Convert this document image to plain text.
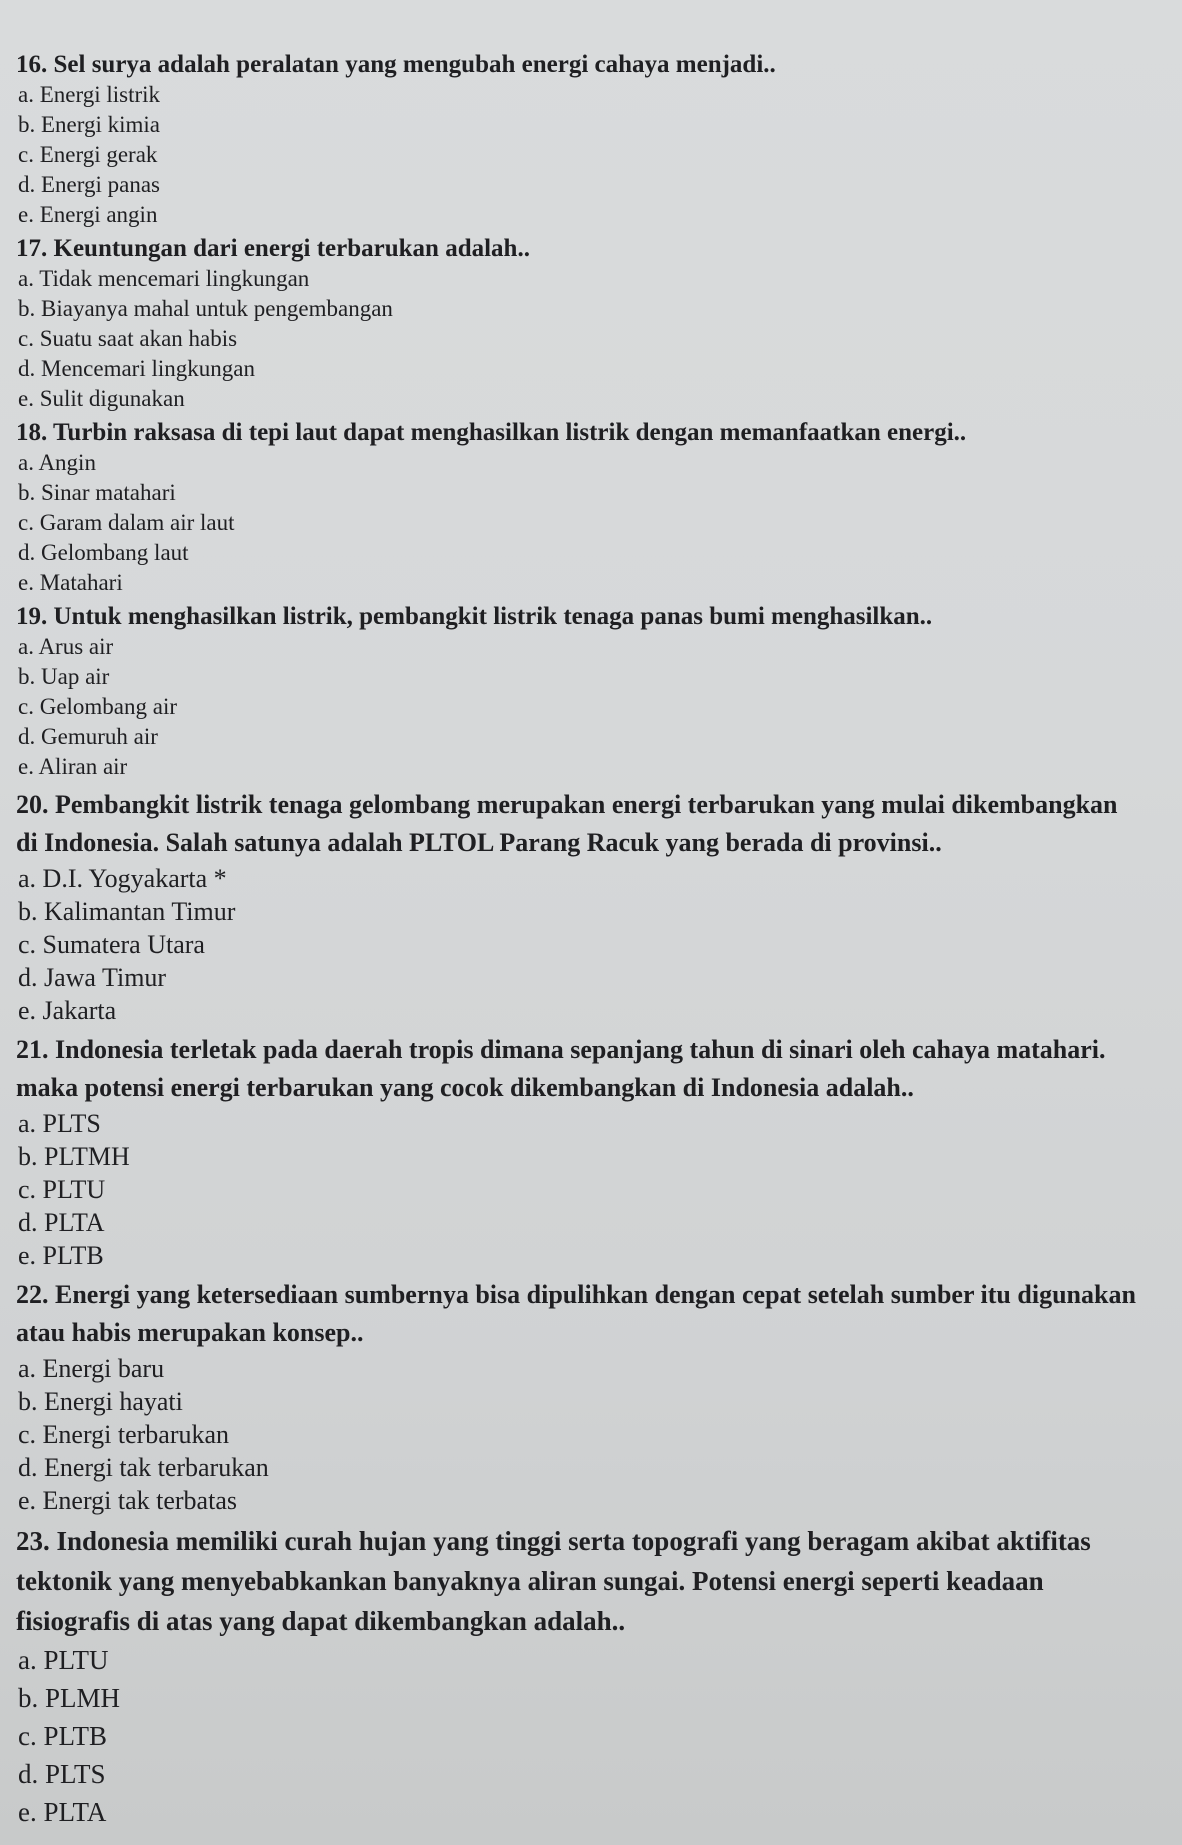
16. Sel surya adalah peralatan yang mengubah energi cahaya menjadi..

a. Energi listrik
b. Energi kimia
c. Energi gerak
d. Energi panas
e. Energi angin

17. Keuntungan dari energi terbarukan adalah..

a. Tidak mencemari lingkungan
b. Biayanya mahal untuk pengembangan
c. Suatu saat akan habis
d. Mencemari lingkungan
e. Sulit digunakan

18. Turbin raksasa di tepi laut dapat menghasilkan listrik dengan memanfaatkan energi..

a. Angin
b. Sinar matahari
c. Garam dalam air laut
d. Gelombang laut
e. Matahari

19. Untuk menghasilkan listrik, pembangkit listrik tenaga panas bumi menghasilkan..

a. Arus air
b. Uap air
c. Gelombang air
d. Gemuruh air
e. Aliran air

20. Pembangkit listrik tenaga gelombang merupakan energi terbarukan yang mulai dikembangkan di Indonesia. Salah satunya adalah PLTOL Parang Racuk yang berada di provinsi..

a. D.I. Yogyakarta *
b. Kalimantan Timur
c. Sumatera Utara
d. Jawa Timur
e. Jakarta

21. Indonesia terletak pada daerah tropis dimana sepanjang tahun di sinari oleh cahaya matahari. maka potensi energi terbarukan yang cocok dikembangkan di Indonesia adalah..

a. PLTS
b. PLTMH
c. PLTU
d. PLTA
e. PLTB

22. Energi yang ketersediaan sumbernya bisa dipulihkan dengan cepat setelah sumber itu digunakan atau habis merupakan konsep..

a. Energi baru
b. Energi hayati
c. Energi terbarukan
d. Energi tak terbarukan
e. Energi tak terbatas

23. Indonesia memiliki curah hujan yang tinggi serta topografi yang beragam akibat aktifitas tektonik yang menyebabkankan banyaknya aliran sungai. Potensi energi seperti keadaan fisiografis di atas yang dapat dikembangkan adalah..

a. PLTU
b. PLMH
c. PLTB
d. PLTS
e. PLTA
